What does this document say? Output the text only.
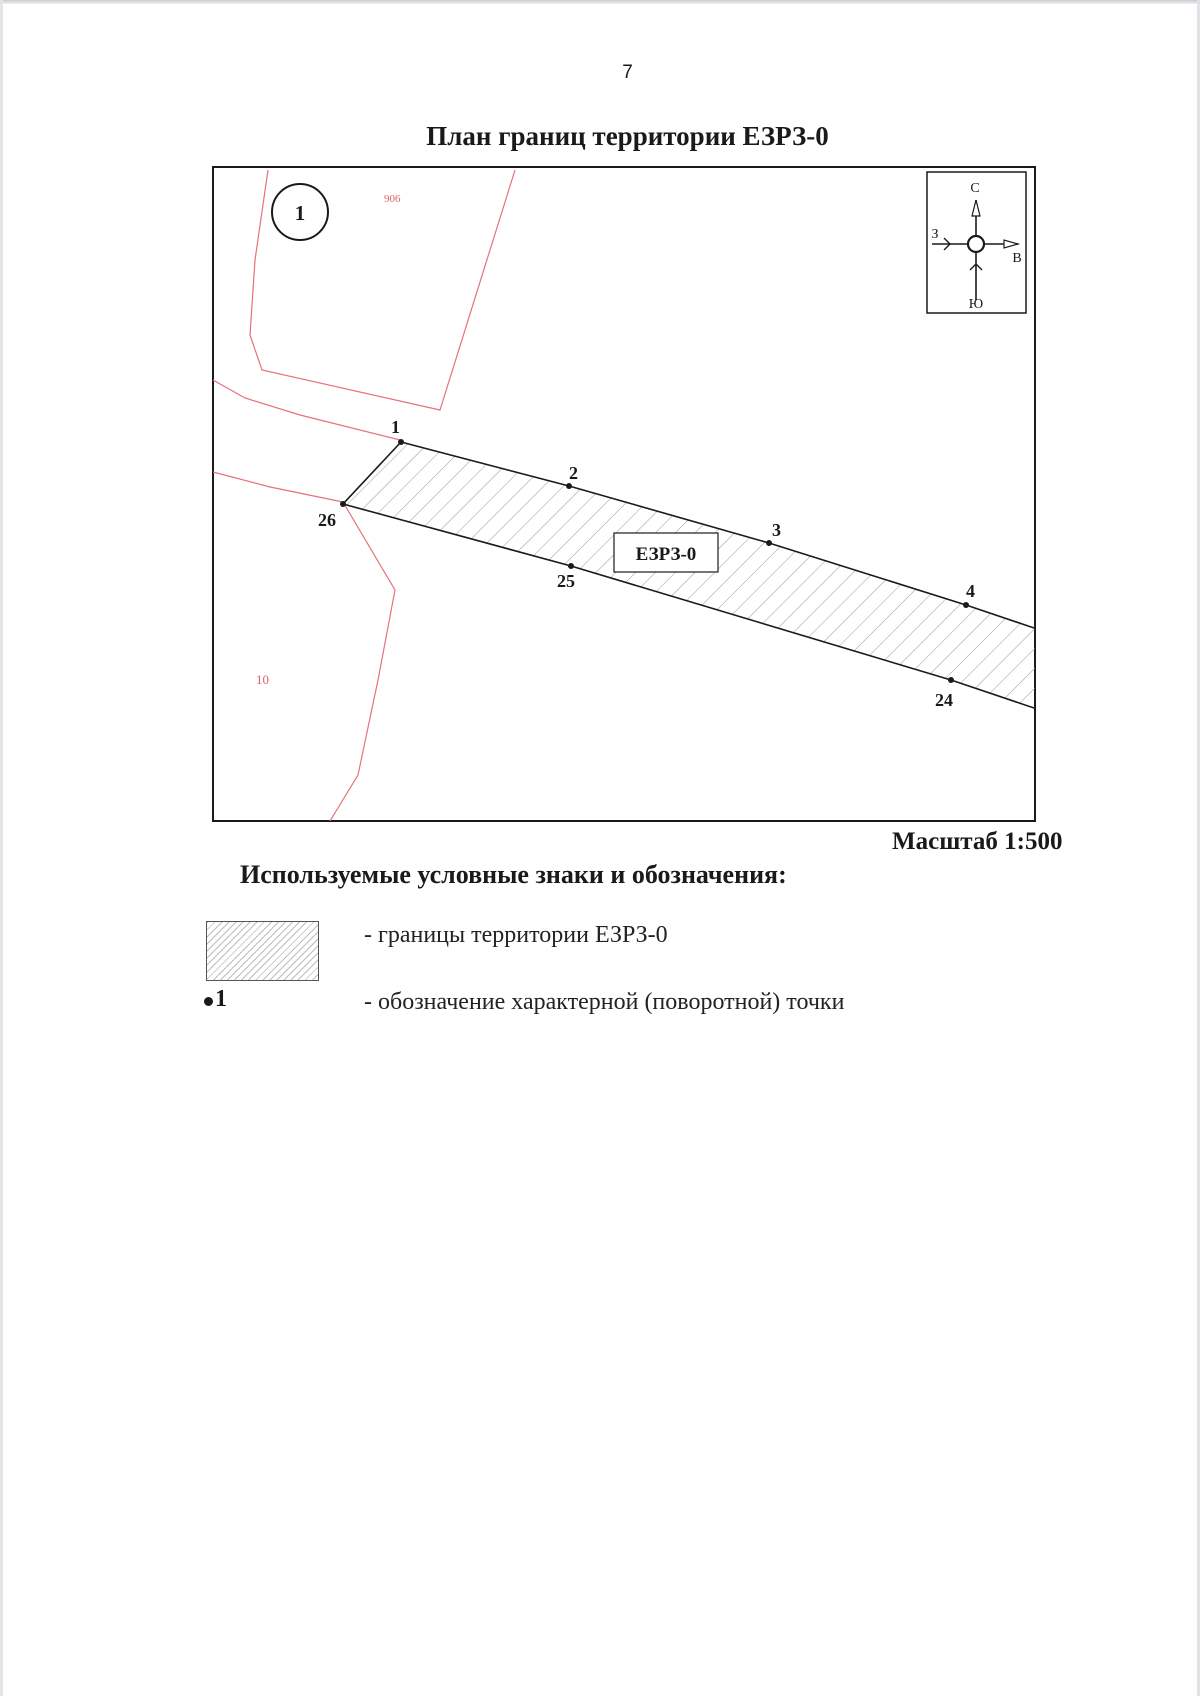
7
План границ территории ЕЗРЗ-0
1
2
3
4
24
25
26
ЕЗРЗ-0
906
10
1
С
В
З
Ю
Масштаб 1:500
Используемые условные знаки и обозначения:
- границы территории ЕЗРЗ-0
1	- обозначение характерной (поворотной) точки
